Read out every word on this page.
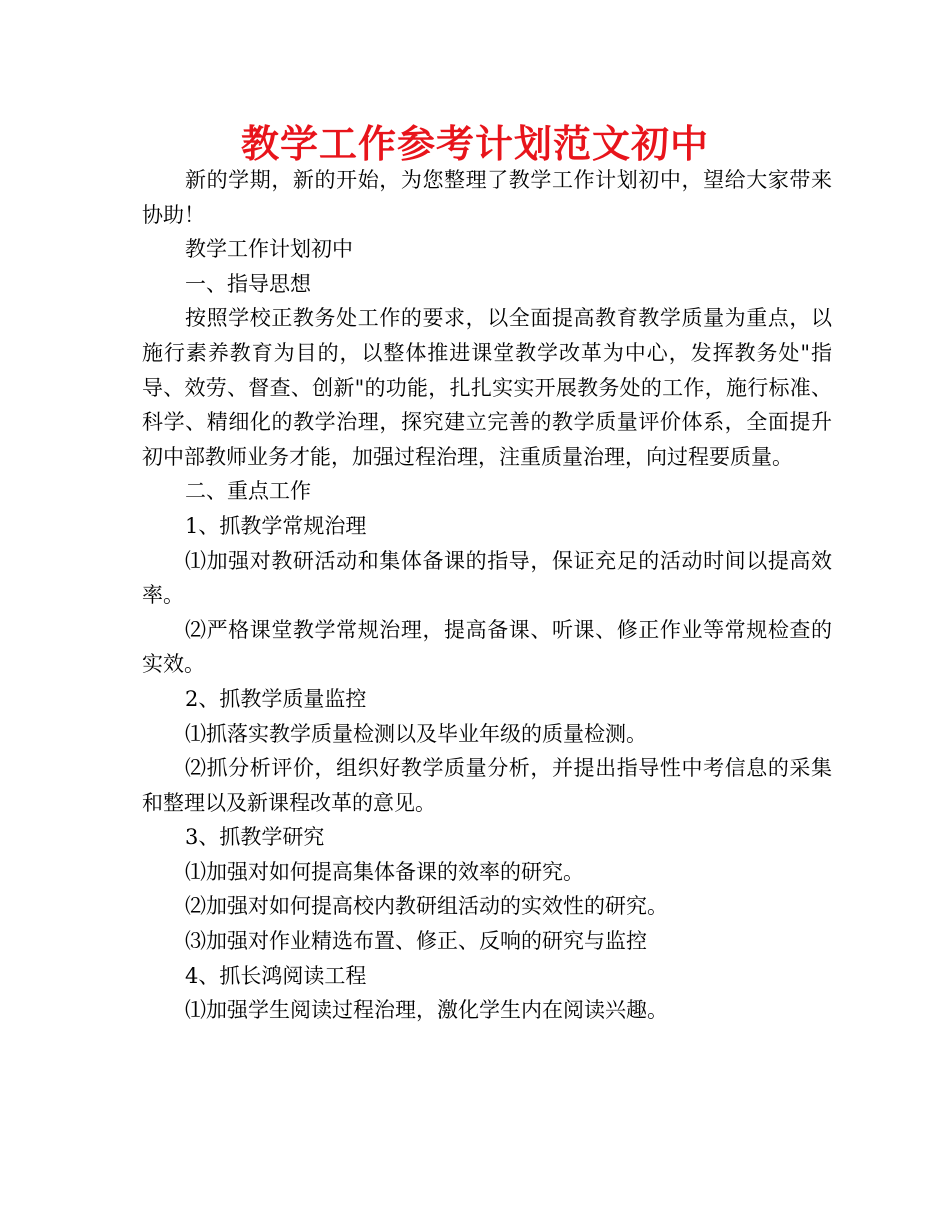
教学工作参考计划范文初中

新的学期，新的开始，为您整理了教学工作计划初中，望给大家带来协助！

教学工作计划初中

一、指导思想

按照学校正教务处工作的要求，以全面提高教育教学质量为重点，以施行素养教育为目的，以整体推进课堂教学改革为中心，发挥教务处"指导、效劳、督查、创新"的功能，扎扎实实开展教务处的工作，施行标准、科学、精细化的教学治理，探究建立完善的教学质量评价体系，全面提升初中部教师业务才能，加强过程治理，注重质量治理，向过程要质量。

二、重点工作

1、抓教学常规治理

⑴加强对教研活动和集体备课的指导，保证充足的活动时间以提高效率。

⑵严格课堂教学常规治理，提高备课、听课、修正作业等常规检查的实效。

2、抓教学质量监控

⑴抓落实教学质量检测以及毕业年级的质量检测。

⑵抓分析评价，组织好教学质量分析，并提出指导性中考信息的采集和整理以及新课程改革的意见。

3、抓教学研究

⑴加强对如何提高集体备课的效率的研究。

⑵加强对如何提高校内教研组活动的实效性的研究。

⑶加强对作业精选布置、修正、反响的研究与监控

4、抓长鸿阅读工程

⑴加强学生阅读过程治理，激化学生内在阅读兴趣。
